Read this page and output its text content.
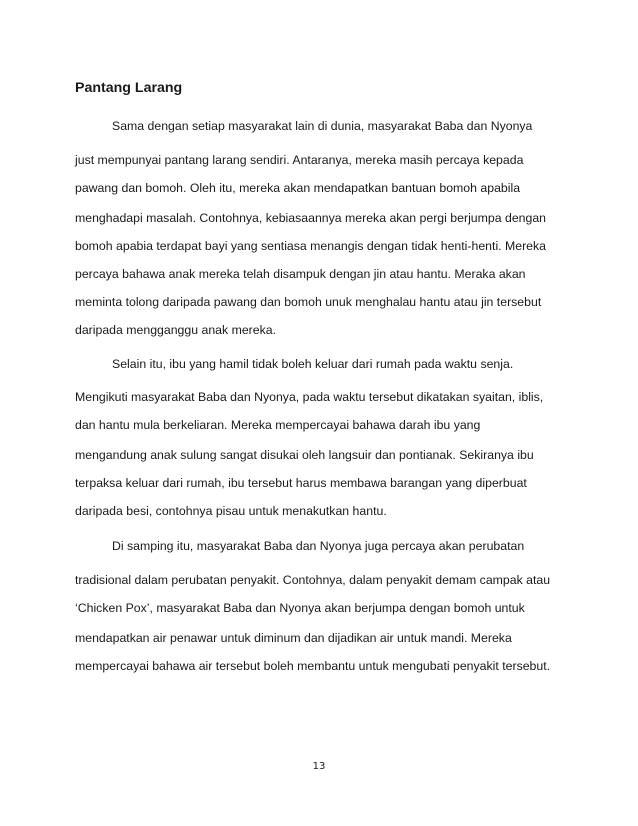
Pantang Larang
Sama dengan setiap masyarakat lain di dunia, masyarakat Baba dan Nyonya
just mempunyai pantang larang sendiri. Antaranya, mereka masih percaya kepada
pawang dan bomoh. Oleh itu, mereka akan mendapatkan bantuan bomoh apabila
menghadapi masalah. Contohnya, kebiasaannya mereka akan pergi berjumpa dengan
bomoh apabia terdapat bayi yang sentiasa menangis dengan tidak henti-henti. Mereka
percaya bahawa anak mereka telah disampuk dengan jin atau hantu. Meraka akan
meminta tolong daripada pawang dan bomoh unuk menghalau hantu atau jin tersebut
daripada mengganggu anak mereka.
Selain itu, ibu yang hamil tidak boleh keluar dari rumah pada waktu senja.
Mengikuti masyarakat Baba dan Nyonya, pada waktu tersebut dikatakan syaitan, iblis,
dan hantu mula berkeliaran. Mereka mempercayai bahawa darah ibu yang
mengandung anak sulung sangat disukai oleh langsuir dan pontianak. Sekiranya ibu
terpaksa keluar dari rumah, ibu tersebut harus membawa barangan yang diperbuat
daripada besi, contohnya pisau untuk menakutkan hantu.
Di samping itu, masyarakat Baba dan Nyonya juga percaya akan perubatan
tradisional dalam perubatan penyakit. Contohnya, dalam penyakit demam campak atau
‘Chicken Pox’, masyarakat Baba dan Nyonya akan berjumpa dengan bomoh untuk
mendapatkan air penawar untuk diminum dan dijadikan air untuk mandi. Mereka
mempercayai bahawa air tersebut boleh membantu untuk mengubati penyakit tersebut.
13
